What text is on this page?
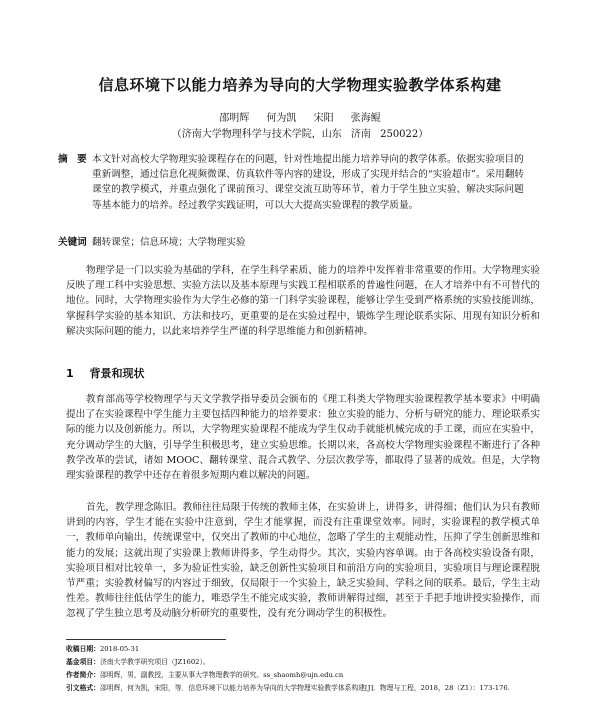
信息环境下以能力培养为导向的大学物理实验教学体系构建
邵明辉 何为凯 宋阳 张海鲲
（济南大学物理科学与技术学院，山东 济南 250022）
摘　要 本文针对高校大学物理实验课程存在的问题，针对性地提出能力培养导向的教学体系。依据实验项目的重新调整，通过信息化视频微课、仿真软件等内容的建设，形成了实现并结合的“实验超市”。采用翻转课堂的教学模式，并重点强化了课前预习、课堂交流互助等环节，着力于学生独立实验、解决实际问题等基本能力的培养。经过教学实践证明，可以大大提高实验课程的教学质量。
关键词 翻转课堂；信息环境；大学物理实验
物理学是一门以实验为基础的学科，在学生科学素质、能力的培养中发挥着非常重要的作用。大学物理实验反映了理工科中实验思想、实验方法以及基本原理与实践工程相联系的普遍性问题，在人才培养中有不可替代的地位。同时，大学物理实验作为大学生必修的第一门科学实验课程，能够让学生受到严格系统的实验技能训练，掌握科学实验的基本知识、方法和技巧，更重要的是在实验过程中，锻炼学生理论联系实际、用现有知识分析和解决实际问题的能力，以此来培养学生严谨的科学思维能力和创新精神。
1 背景和现状
教育部高等学校物理学与天文学教学指导委员会颁布的《理工科类大学物理实验课程教学基本要求》中明确提出了在实验课程中学生能力主要包括四种能力的培养要求：独立实验的能力、分析与研究的能力、理论联系实际的能力以及创新能力。所以，大学物理实验课程不能成为学生仅动手就能机械完成的手工课，而应在实验中，充分调动学生的大脑，引导学生积极思考，建立实验思维。长期以来，各高校大学物理实验课程不断进行了各种教学改革的尝试，诸如 MOOC、翻转课堂、混合式教学、分层次教学等，都取得了显著的成效。但是，大学物理实验课程的教学中还存在着很多短期内难以解决的问题。
首先，教学理念陈旧。教师往往局限于传统的教师主体，在实验讲上，讲得多，讲得细；他们认为只有教师讲到的内容，学生才能在实验中注意到，学生才能掌握，而没有注重课堂效率。同时，实验课程的教学模式单一，教师单向输出，传统课堂中，仅突出了教师的中心地位，忽略了学生的主观能动性，压抑了学生创新思维和能力的发展；这就出现了实验课上教师讲得多，学生动得少。其次，实验内容单调。由于各高校实验设备有限，实验项目相对比较单一，多为验证性实验，缺乏创新性实验项目和前沿方向的实验项目，实验项目与理论课程脱节严重；实验教材偏写的内容过于细致，仅局限于一个实验上，缺乏实验间、学科之间的联系。最后，学生主动性差。教师往往低估学生的能力，唯恐学生不能完成实验，教师讲解得过细，甚至于手把手地讲授实验操作，而忽视了学生独立思考及动脑分析研究的重要性，没有充分调动学生的积极性。
收稿日期：2018-05-31
基金项目：济南大学教学研究项目（JZ1602）。
作者简介：邵明辉，男，副教授，主要从事大学物理教学的研究。ss_shaomh@ujn.edu.cn
引文格式：邵明辉，何为凯，宋阳，等．信息环境下以能力培养为导向的大学物理实验教学体系构建[J]．物理与工程，2018，28（Z1）：173-176.
